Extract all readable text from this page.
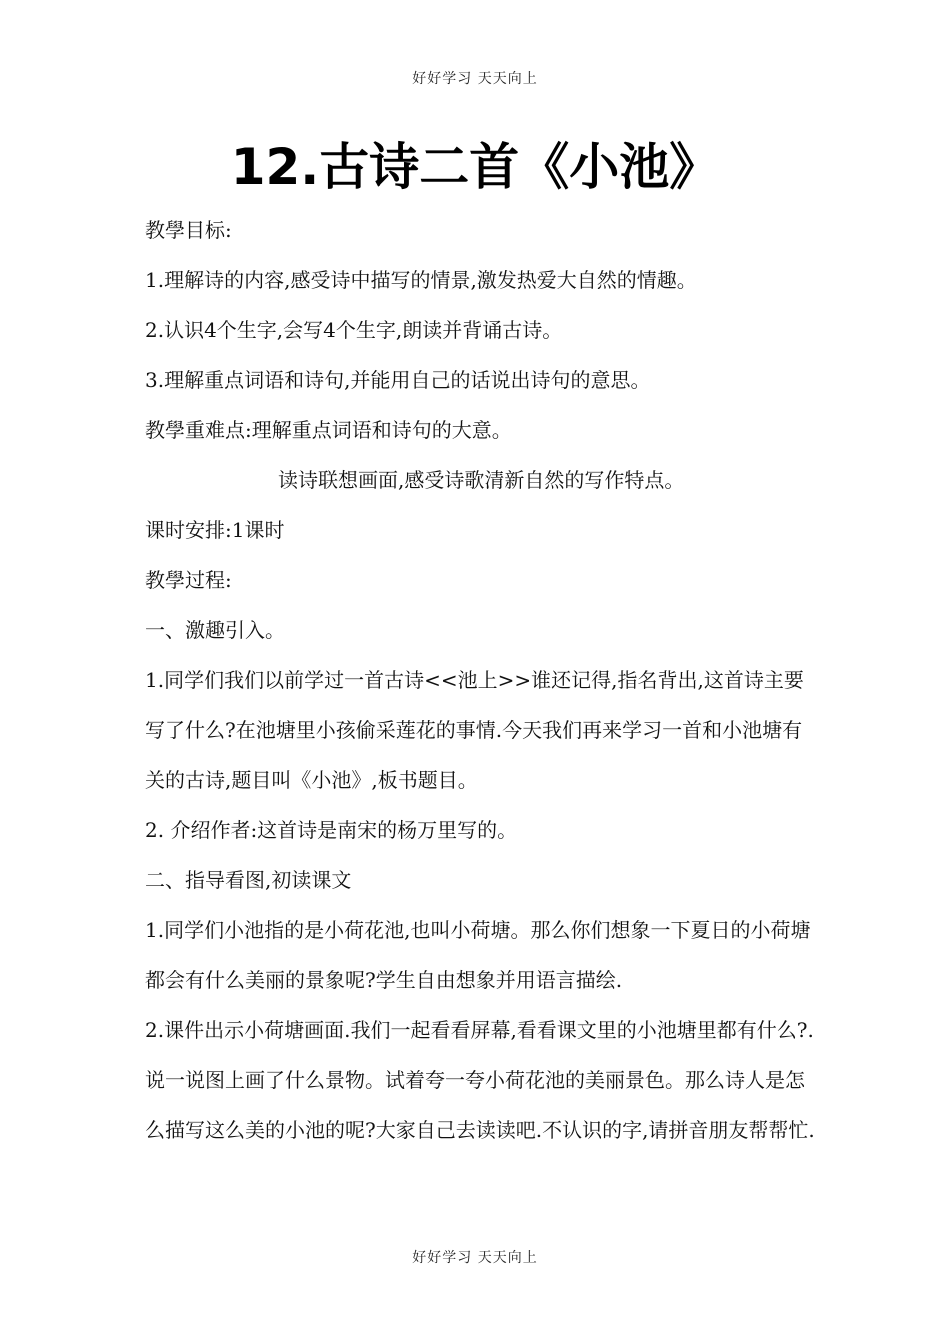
好好学习 天天向上
12.古诗二首《小池》

教學目标:

1.理解诗的内容,感受诗中描写的情景,激发热爱大自然的情趣。

2.认识4个生字,会写4个生字,朗读并背诵古诗。

3.理解重点词语和诗句,并能用自己的话说出诗句的意思。

教學重难点:理解重点词语和诗句的大意。

读诗联想画面,感受诗歌清新自然的写作特点。

课时安排:1课时

教學过程:

一、激趣引入。

1.同学们我们以前学过一首古诗<<池上>>谁还记得,指名背出,这首诗主要写了什么?在池塘里小孩偷采莲花的事情.今天我们再来学习一首和小池塘有关的古诗,题目叫《小池》,板书题目。

2. 介绍作者:这首诗是南宋的杨万里写的。

二、指导看图,初读课文

1.同学们小池指的是小荷花池,也叫小荷塘。那么你们想象一下夏日的小荷塘都会有什么美丽的景象呢?学生自由想象并用语言描绘.

2.课件出示小荷塘画面.我们一起看看屏幕,看看课文里的小池塘里都有什么?.说一说图上画了什么景物。试着夸一夸小荷花池的美丽景色。那么诗人是怎么描写这么美的小池的呢?大家自己去读读吧.不认识的字,请拼音朋友帮帮忙.

好好学习 天天向上
